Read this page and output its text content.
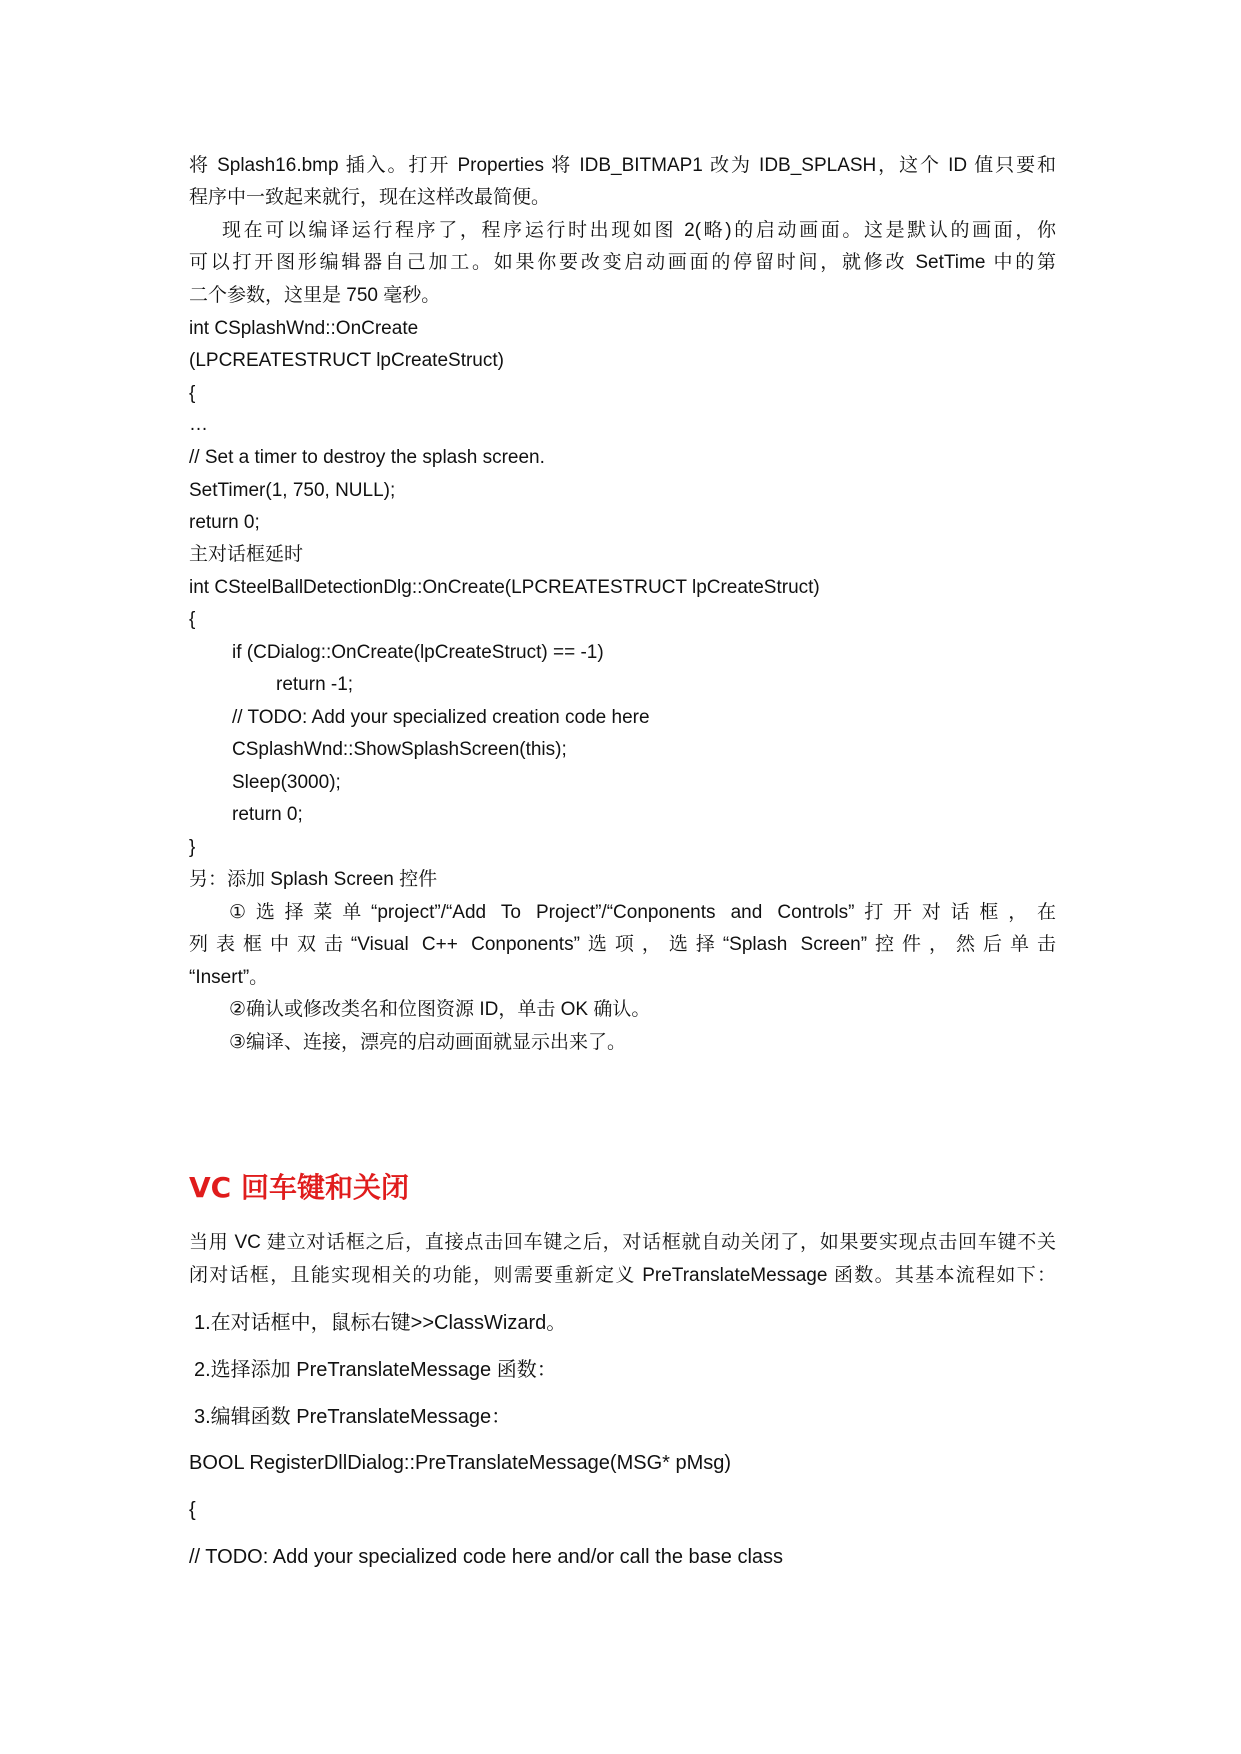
将 Splash16.bmp 插入。打开 Properties 将 IDB_BITMAP1 改为 IDB_SPLASH，这个 ID 值只要和
程序中一致起来就行，现在这样改最简便。
现在可以编译运行程序了，程序运行时出现如图 2(略)的启动画面。这是默认的画面，你
可以打开图形编辑器自己加工。如果你要改变启动画面的停留时间，就修改 SetTime 中的第
二个参数，这里是 750 毫秒。
int CSplashWnd::OnCreate
(LPCREATESTRUCT lpCreateStruct)
{
…
// Set a timer to destroy the splash screen.
SetTimer(1, 750, NULL);
return 0;
主对话框延时
int CSteelBallDetectionDlg::OnCreate(LPCREATESTRUCT lpCreateStruct)
{
if (CDialog::OnCreate(lpCreateStruct) == -1)
return -1;
// TODO: Add your specialized creation code here
CSplashWnd::ShowSplashScreen(this);
Sleep(3000);
return 0;
}
另：添加 Splash Screen 控件
①选择菜单“project”/“Add To Project”/“Conponents and Controls”打开对话框，在
列表框中双击“Visual C++ Conponents”选项，选择“Splash Screen”控件，然后单击
“Insert”。
②确认或修改类名和位图资源 ID，单击 OK 确认。
③编译、连接，漂亮的启动画面就显示出来了。
VC 回车键和关闭
当用 VC 建立对话框之后，直接点击回车键之后，对话框就自动关闭了，如果要实现点击回车键不关
闭对话框，且能实现相关的功能，则需要重新定义 PreTranslateMessage 函数。其基本流程如下：
1.在对话框中，鼠标右键>>ClassWizard。
2.选择添加 PreTranslateMessage 函数：
3.编辑函数 PreTranslateMessage：
BOOL RegisterDllDialog::PreTranslateMessage(MSG* pMsg)
{
// TODO: Add your specialized code here and/or call the base class
